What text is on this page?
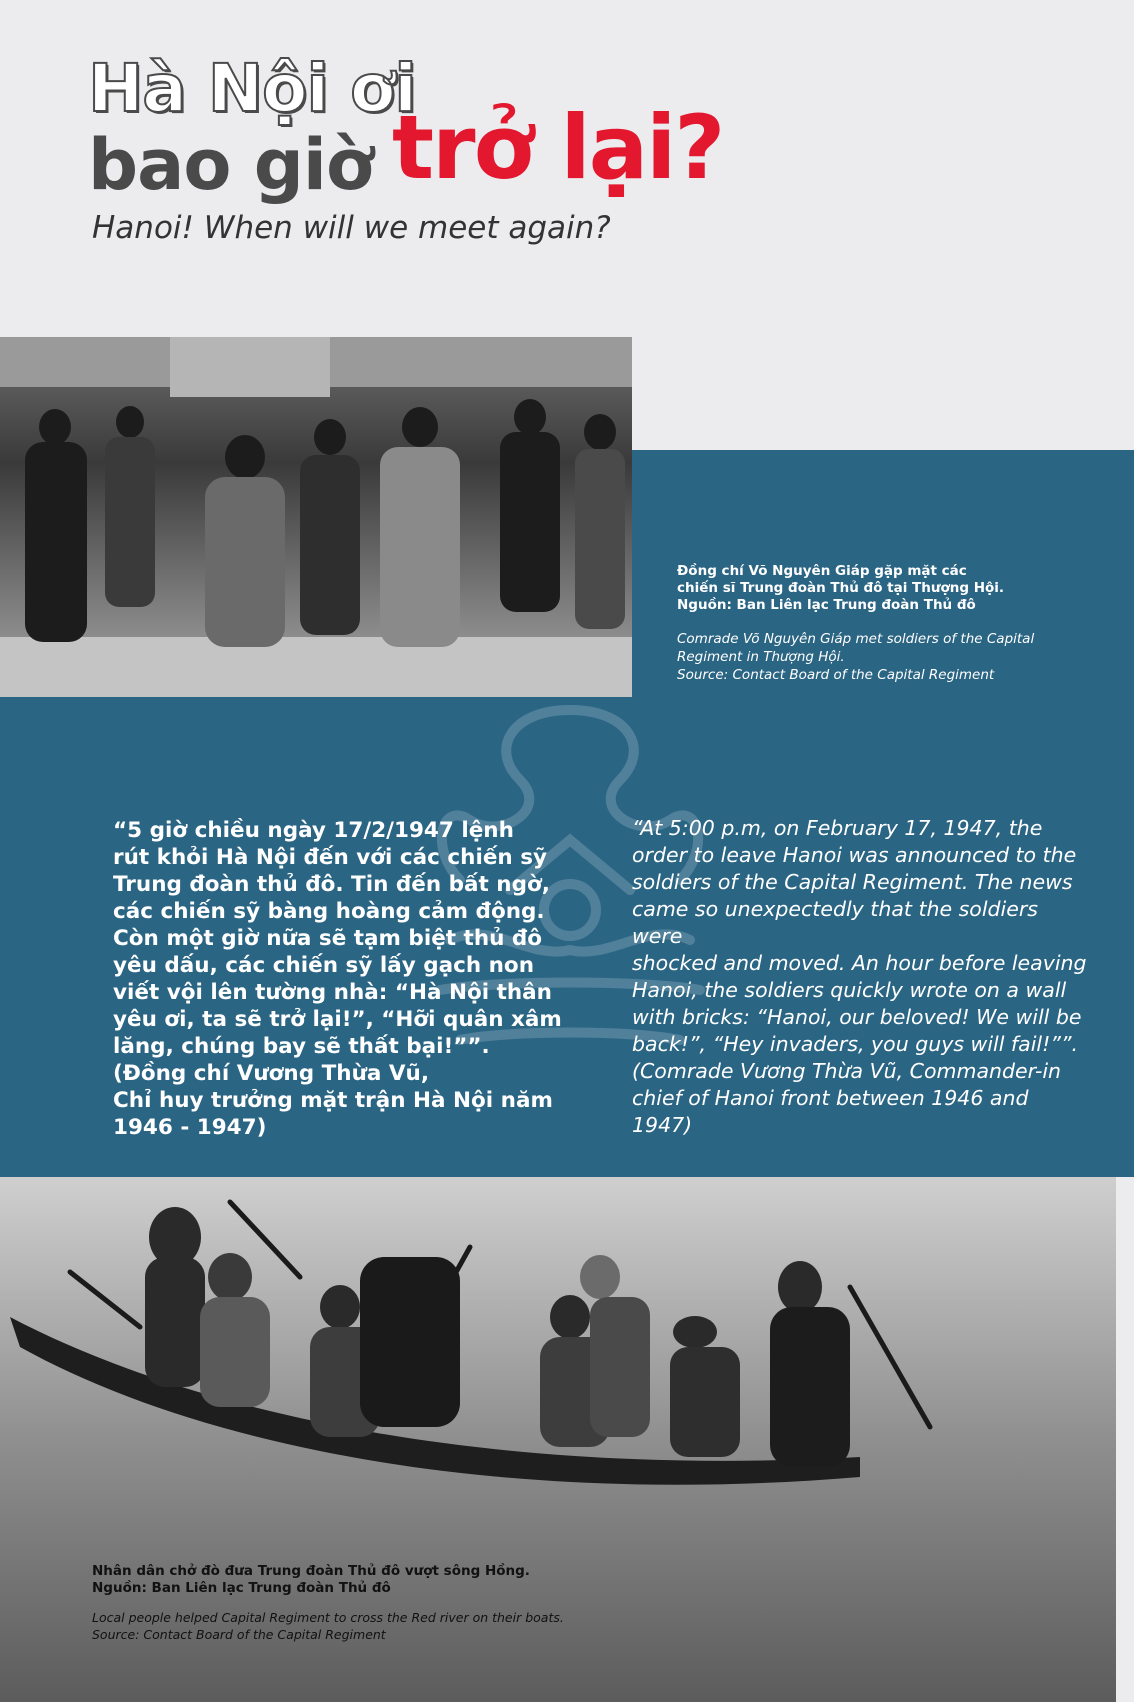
Hà Nội ơi
bao giờ trở lại?
Hanoi! When will we meet again?
Đồng chí Võ Nguyên Giáp gặp mặt các
chiến sĩ Trung đoàn Thủ đô tại Thượng Hội.
Nguồn: Ban Liên lạc Trung đoàn Thủ đô
Comrade Võ Nguyên Giáp met soldiers of the Capital
Regiment in Thượng Hội.
Source: Contact Board of the Capital Regiment
“5 giờ chiều ngày 17/2/1947 lệnh
rút khỏi Hà Nội đến với các chiến sỹ
Trung đoàn thủ đô. Tin đến bất ngờ,
các chiến sỹ bàng hoàng cảm động.
Còn một giờ nữa sẽ tạm biệt thủ đô
yêu dấu, các chiến sỹ lấy gạch non
viết vội lên tường nhà: “Hà Nội thân
yêu ơi, ta sẽ trở lại!”, “Hỡi quân xâm
lăng, chúng bay sẽ thất bại!””.
(Đồng chí Vương Thừa Vũ,
Chỉ huy trưởng mặt trận Hà Nội năm
1946 - 1947)
“At 5:00 p.m, on February 17, 1947, the
order to leave Hanoi was announced to the
soldiers of the Capital Regiment. The news
came so unexpectedly that the soldiers were
shocked and moved. An hour before leaving
Hanoi, the soldiers quickly wrote on a wall
with bricks: “Hanoi, our beloved! We will be
back!”, “Hey invaders, you guys will fail!””.
(Comrade Vương Thừa Vũ, Commander-in
chief of Hanoi front between 1946 and 1947)
Nhân dân chở đò đưa Trung đoàn Thủ đô vượt sông Hồng.
Nguồn: Ban Liên lạc Trung đoàn Thủ đô
Local people helped Capital Regiment to cross the Red river on their boats.
Source: Contact Board of the Capital Regiment
